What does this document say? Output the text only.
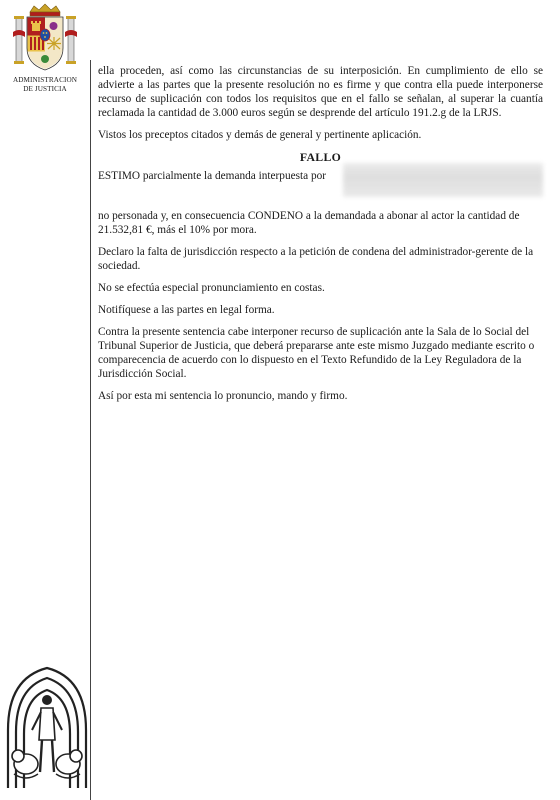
ADMINISTRACION
DE JUSTICIA

ella proceden, así como las circunstancias de su interposición. En cumplimiento de ello se advierte a las partes que la presente resolución no es firme y que contra ella puede interponerse recurso de suplicación con todos los requisitos que en el fallo se señalan, al superar la cuantía reclamada la cantidad de 3.000 euros según se desprende del artículo 191.2.g de la LRJS.

Vistos los preceptos citados y demás de general y pertinente aplicación.

FALLO
ESTIMO parcialmente la demanda interpuesta por

no personada y, en consecuencia CONDENO a la demandada a abonar al actor la cantidad de 21.532,81 €, más el 10% por mora.

Declaro la falta de jurisdicción respecto a la petición de condena del administrador-gerente de la sociedad.

No se efectúa especial pronunciamiento en costas.

Notifíquese a las partes en legal forma.

Contra la presente sentencia cabe interponer recurso de suplicación ante la Sala de lo Social del Tribunal Superior de Justicia, que deberá prepararse ante este mismo Juzgado mediante escrito o comparecencia de acuerdo con lo dispuesto en el Texto Refundido de la Ley Reguladora de la Jurisdicción Social.

Así por esta mi sentencia lo pronuncio, mando y firmo.
